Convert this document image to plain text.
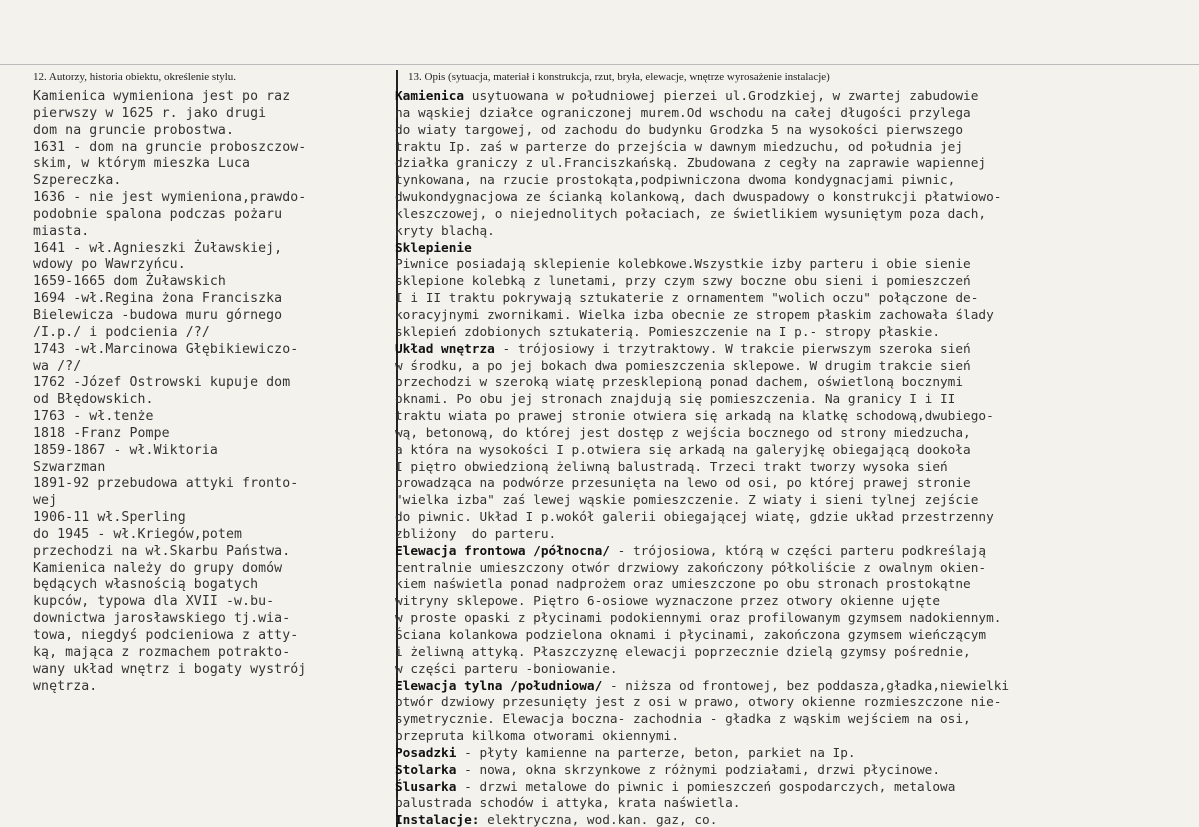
12. Autorzy, historia obiektu, określenie stylu.	13. Opis (sytuacja, materiał i konstrukcja, rzut, bryła, elewacje, wnętrze wyrosażenie instalacje)
Kamienica wymieniona jest po raz
pierwszy w 1625 r. jako drugi
dom na gruncie probostwa.
1631 - dom na gruncie proboszczow-
skim, w którym mieszka Luca
Szpereczka.
1636 - nie jest wymieniona,prawdo-
podobnie spalona podczas pożaru
miasta.
1641 - wł.Agnieszki Żuławskiej,
wdowy po Wawrzyńcu.
1659-1665 dom Żuławskich
1694 -wł.Regina żona Franciszka
Bielewicza -budowa muru górnego
/I.p./ i podcienia /?/
1743 -wł.Marcinowa Głębikiewiczo-
wa /?/
1762 -Józef Ostrowski kupuje dom
od Błędowskich.
1763 - wł.tenże
1818 -Franz Pompe
1859-1867 - wł.Wiktoria
Szwarzman
1891-92 przebudowa attyki fronto-
wej
1906-11 wł.Sperling
do 1945 - wł.Kriegów,potem
przechodzi na wł.Skarbu Państwa.
Kamienica należy do grupy domów
będących własnością bogatych
kupców, typowa dla XVII -w.bu-
downictwa jarosławskiego tj.wia-
towa, niegdyś podcieniowa z atty-
ką, mająca z rozmachem potrakto-
wany układ wnętrz i bogaty wystrój
wnętrza.
Kamienica usytuowana w południowej pierzei ul.Grodzkiej, w zwartej zabudowie
na wąskiej działce ograniczonej murem.Od wschodu na całej długości przylega
do wiaty targowej, od zachodu do budynku Grodzka 5 na wysokości pierwszego
traktu Ip. zaś w parterze do przejścia w dawnym miedzuchu, od południa jej
działka graniczy z ul.Franciszkańską. Zbudowana z cegły na zaprawie wapiennej
tynkowana, na rzucie prostokąta,podpiwniczona dwoma kondygnacjami piwnic,
dwukondygnacjowa ze ścianką kolankową, dach dwuspadowy o konstrukcji płatwiowo-
kleszczowej, o niejednolitych połaciach, ze świetlikiem wysuniętym poza dach,
kryty blachą.
Sklepienie
Piwnice posiadają sklepienie kolebkowe.Wszystkie izby parteru i obie sienie
sklepione kolebką z lunetami, przy czym szwy boczne obu sieni i pomieszczeń
I i II traktu pokrywają sztukaterie z ornamentem "wolich oczu" połączone de-
koracyjnymi zwornikami. Wielka izba obecnie ze stropem płaskim zachowała ślady
sklepień zdobionych sztukaterią. Pomieszczenie na I p.- stropy płaskie.
Układ wnętrza - trójosiowy i trzytraktowy. W trakcie pierwszym szeroka sień
w środku, a po jej bokach dwa pomieszczenia sklepowe. W drugim trakcie sień
przechodzi w szeroką wiatę przesklepioną ponad dachem, oświetloną bocznymi
oknami. Po obu jej stronach znajdują się pomieszczenia. Na granicy I i II
traktu wiata po prawej stronie otwiera się arkadą na klatkę schodową,dwubiego-
wą, betonową, do której jest dostęp z wejścia bocznego od strony miedzucha,
a która na wysokości I p.otwiera się arkadą na galeryjkę obiegającą dookoła
I piętro obwiedzioną żeliwną balustradą. Trzeci trakt tworzy wysoka sień
prowadząca na podwórze przesunięta na lewo od osi, po której prawej stronie
"wielka izba" zaś lewej wąskie pomieszczenie. Z wiaty i sieni tylnej zejście
do piwnic. Układ I p.wokół galerii obiegającej wiatę, gdzie układ przestrzenny
zbliżony  do parteru.
Elewacja frontowa /północna/ - trójosiowa, którą w części parteru podkreślają
centralnie umieszczony otwór drzwiowy zakończony półkoliście z owalnym okien-
kiem naświetla ponad nadprożem oraz umieszczone po obu stronach prostokątne
witryny sklepowe. Piętro 6-osiowe wyznaczone przez otwory okienne ujęte
w proste opaski z płycinami podokiennymi oraz profilowanym gzymsem nadokiennym.
Ściana kolankowa podzielona oknami i płycinami, zakończona gzymsem wieńczącym
i żeliwną attyką. Płaszczyznę elewacji poprzecznie dzielą gzymsy pośrednie,
w części parteru -boniowanie.
Elewacja tylna /południowa/ - niższa od frontowej, bez poddasza,gładka,niewielki
otwór dzwiowy przesunięty jest z osi w prawo, otwory okienne rozmieszczone nie-
symetrycznie. Elewacja boczna- zachodnia - gładka z wąskim wejściem na osi,
przepruta kilkoma otworami okiennymi.
Posadzki - płyty kamienne na parterze, beton, parkiet na Ip.
Stolarka - nowa, okna skrzynkowe z różnymi podziałami, drzwi płycinowe.
Ślusarka - drzwi metalowe do piwnic i pomieszczeń gospodarczych, metalowa
balustrada schodów i attyka, krata naświetla.
Instalacje: elektryczna, wod.kan. gaz, co.
